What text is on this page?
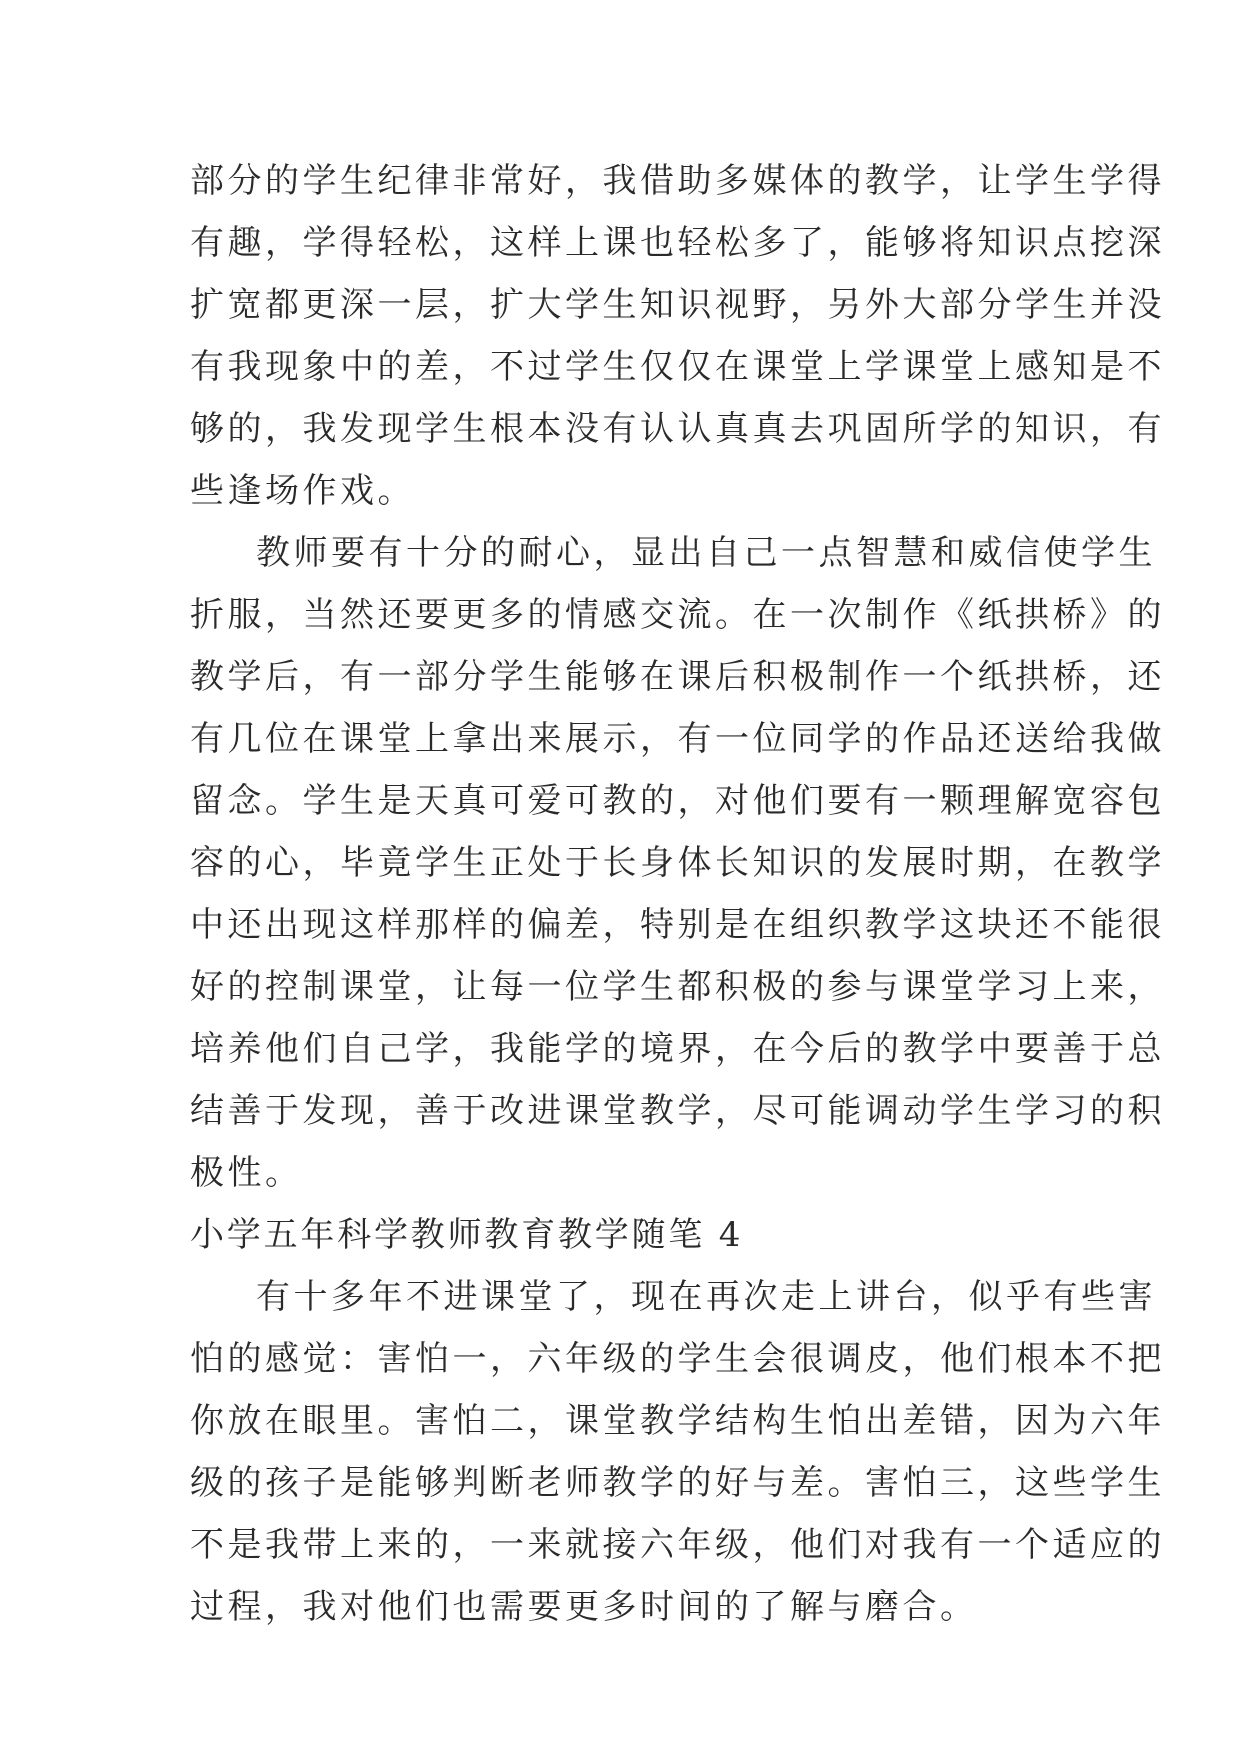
部分的学生纪律非常好，我借助多媒体的教学，让学生学得
有趣，学得轻松，这样上课也轻松多了，能够将知识点挖深
扩宽都更深一层，扩大学生知识视野，另外大部分学生并没
有我现象中的差，不过学生仅仅在课堂上学课堂上感知是不
够的，我发现学生根本没有认认真真去巩固所学的知识，有
些逢场作戏。
教师要有十分的耐心，显出自己一点智慧和威信使学生
折服，当然还要更多的情感交流。在一次制作《纸拱桥》的
教学后，有一部分学生能够在课后积极制作一个纸拱桥，还
有几位在课堂上拿出来展示，有一位同学的作品还送给我做
留念。学生是天真可爱可教的，对他们要有一颗理解宽容包
容的心，毕竟学生正处于长身体长知识的发展时期，在教学
中还出现这样那样的偏差，特别是在组织教学这块还不能很
好的控制课堂，让每一位学生都积极的参与课堂学习上来，
培养他们自己学，我能学的境界，在今后的教学中要善于总
结善于发现，善于改进课堂教学，尽可能调动学生学习的积
极性。
小学五年科学教师教育教学随笔 4
有十多年不进课堂了，现在再次走上讲台，似乎有些害
怕的感觉：害怕一，六年级的学生会很调皮，他们根本不把
你放在眼里。害怕二，课堂教学结构生怕出差错，因为六年
级的孩子是能够判断老师教学的好与差。害怕三，这些学生
不是我带上来的，一来就接六年级，他们对我有一个适应的
过程，我对他们也需要更多时间的了解与磨合。
